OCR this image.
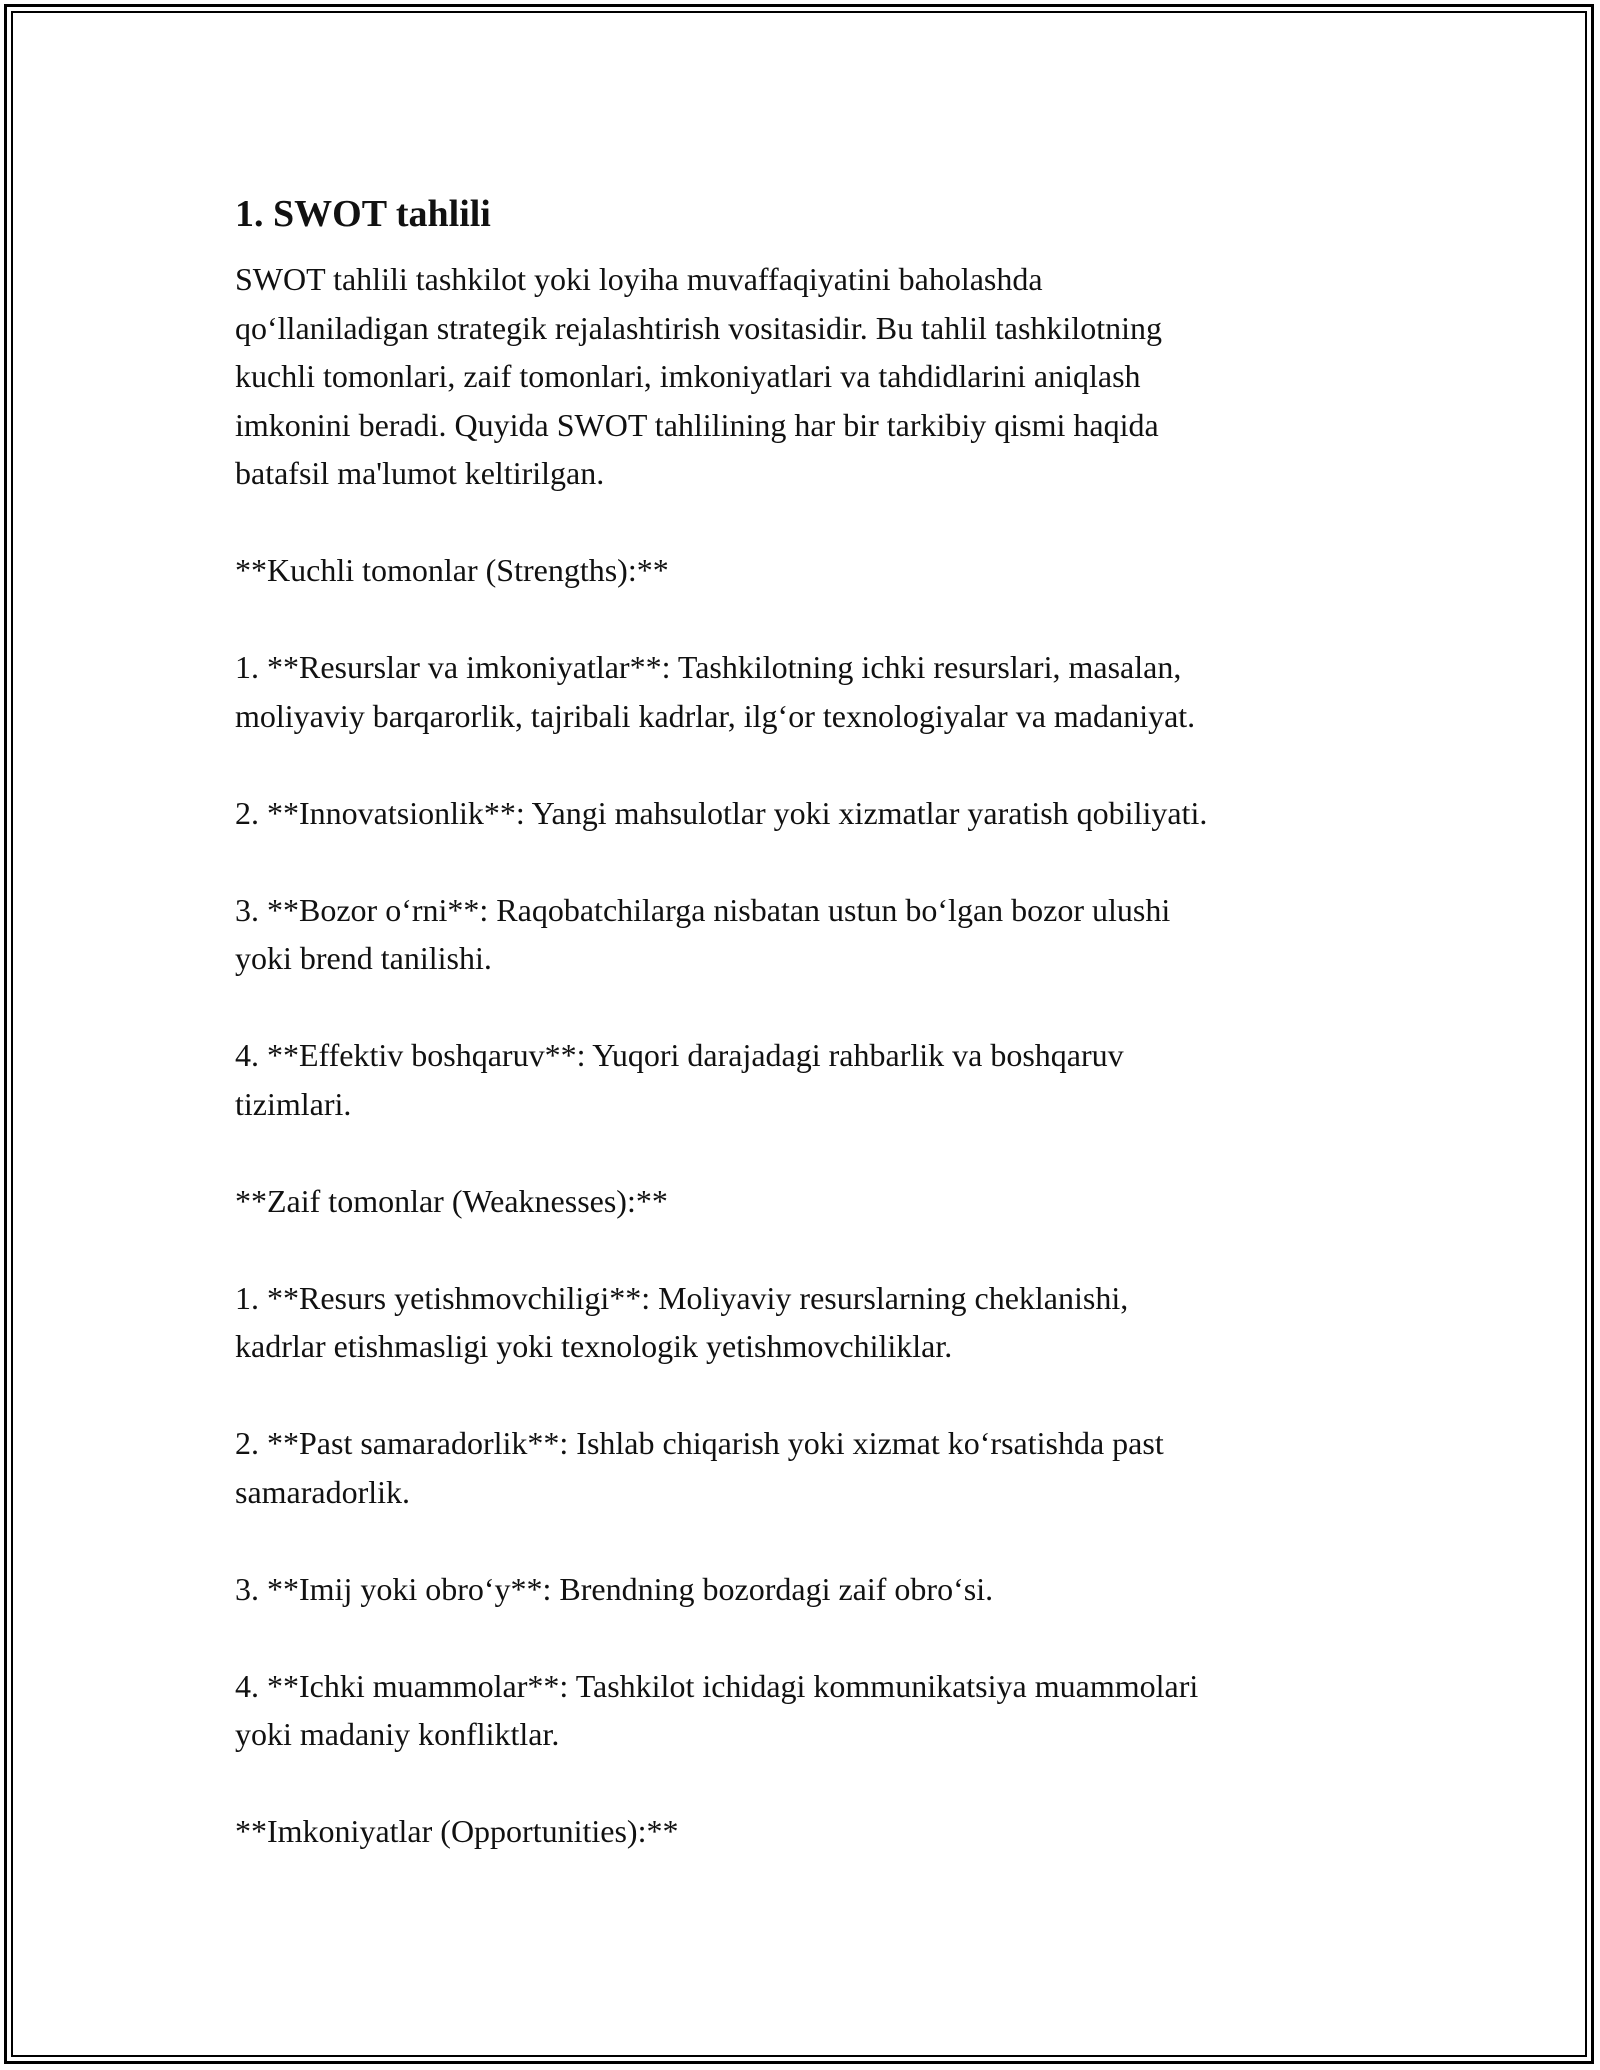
1. SWOT tahlili

SWOT tahlili tashkilot yoki loyiha muvaffaqiyatini baholashda
qo‘llaniladigan strategik rejalashtirish vositasidir. Bu tahlil tashkilotning
kuchli tomonlari, zaif tomonlari, imkoniyatlari va tahdidlarini aniqlash
imkonini beradi. Quyida SWOT tahlilining har bir tarkibiy qismi haqida
batafsil ma'lumot keltirilgan.

**Kuchli tomonlar (Strengths):**

1. **Resurslar va imkoniyatlar**: Tashkilotning ichki resurslari, masalan,
moliyaviy barqarorlik, tajribali kadrlar, ilg‘or texnologiyalar va madaniyat.

2. **Innovatsionlik**: Yangi mahsulotlar yoki xizmatlar yaratish qobiliyati.

3. **Bozor o‘rni**: Raqobatchilarga nisbatan ustun bo‘lgan bozor ulushi
yoki brend tanilishi.

4. **Effektiv boshqaruv**: Yuqori darajadagi rahbarlik va boshqaruv
tizimlari.

**Zaif tomonlar (Weaknesses):**

1. **Resurs yetishmovchiligi**: Moliyaviy resurslarning cheklanishi,
kadrlar etishmasligi yoki texnologik yetishmovchiliklar.

2. **Past samaradorlik**: Ishlab chiqarish yoki xizmat ko‘rsatishda past
samaradorlik.

3. **Imij yoki obro‘y**: Brendning bozordagi zaif obro‘si.

4. **Ichki muammolar**: Tashkilot ichidagi kommunikatsiya muammolari
yoki madaniy konfliktlar.

**Imkoniyatlar (Opportunities):**
